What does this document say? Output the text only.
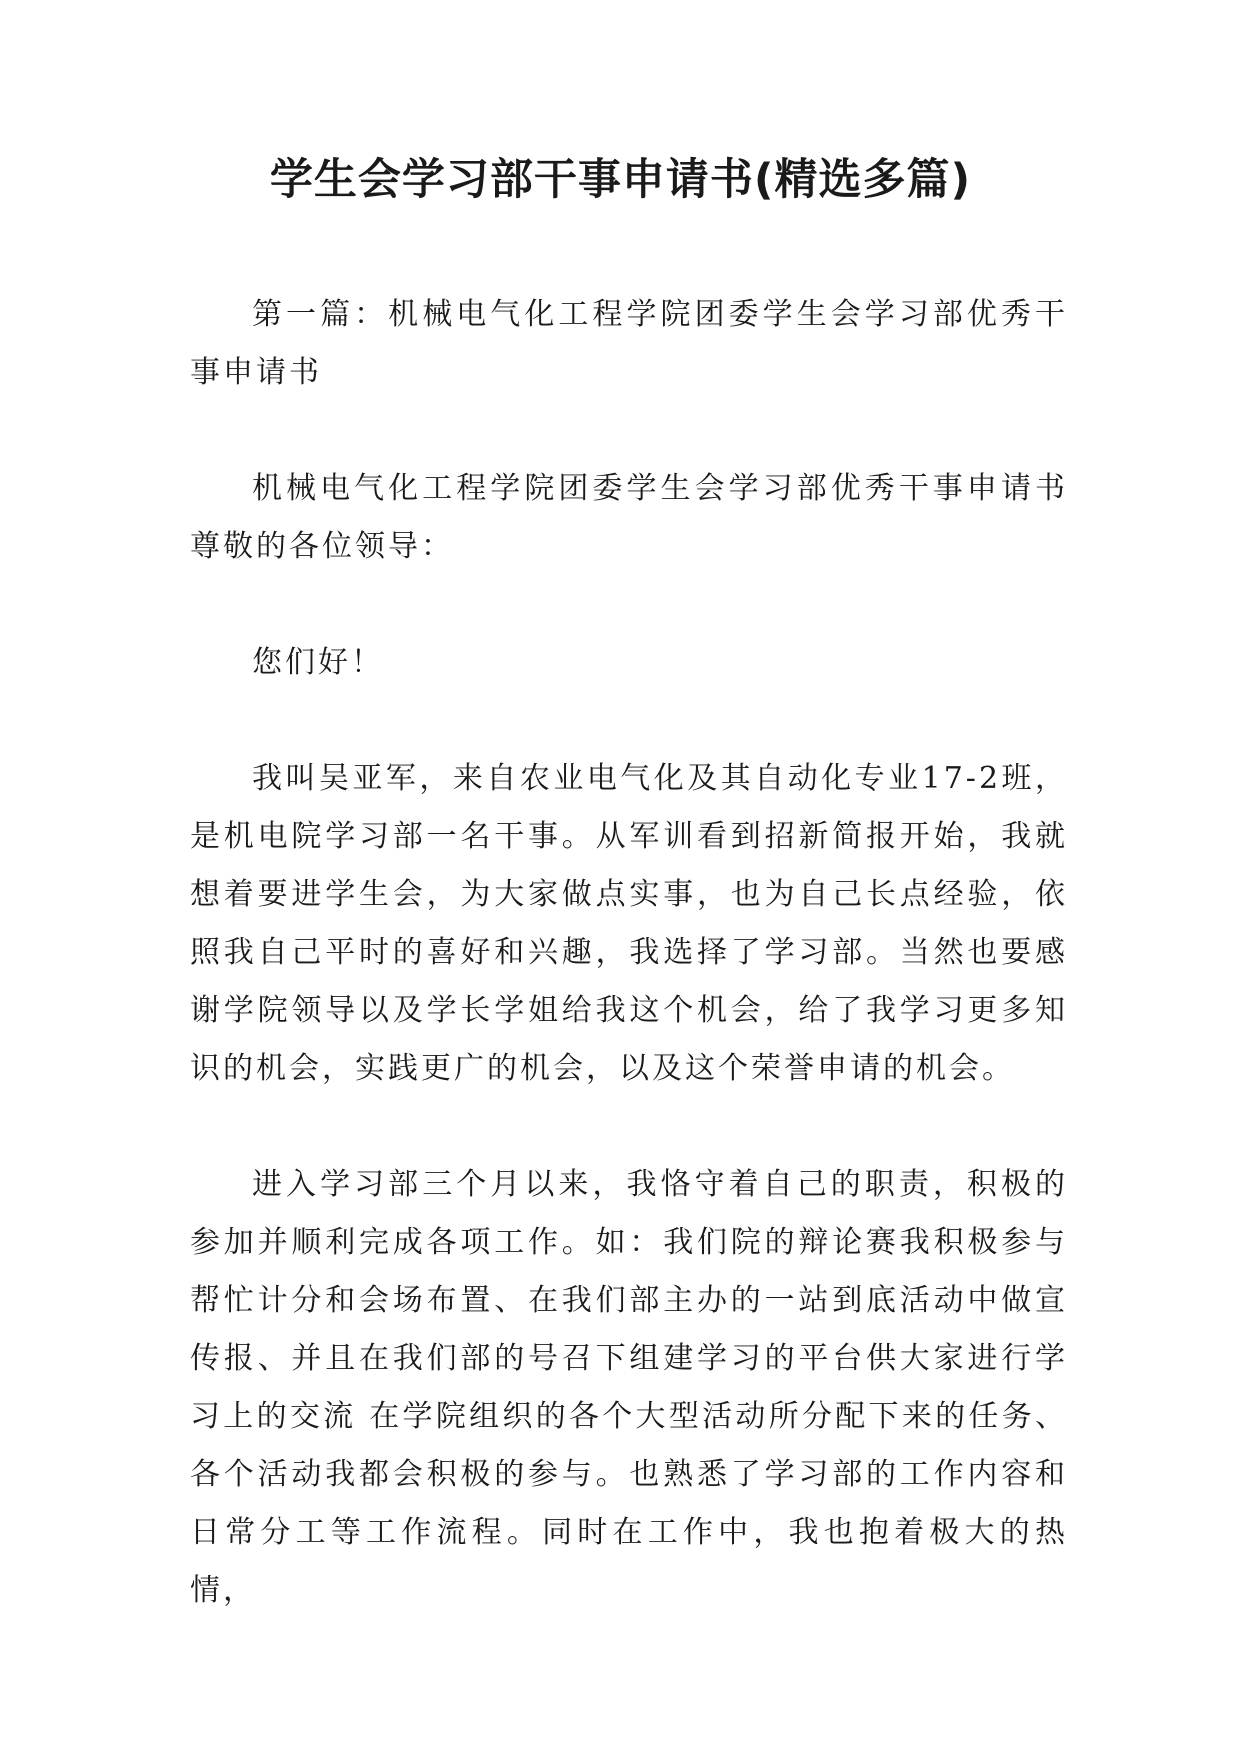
学生会学习部干事申请书(精选多篇)

第一篇：机械电气化工程学院团委学生会学习部优秀干事申请书

机械电气化工程学院团委学生会学习部优秀干事申请书尊敬的各位领导：

您们好！

我叫吴亚军，来自农业电气化及其自动化专业17-2班，是机电院学习部一名干事。从军训看到招新简报开始，我就想着要进学生会，为大家做点实事，也为自己长点经验，依照我自己平时的喜好和兴趣，我选择了学习部。当然也要感谢学院领导以及学长学姐给我这个机会，给了我学习更多知识的机会，实践更广的机会，以及这个荣誉申请的机会。

进入学习部三个月以来，我恪守着自己的职责，积极的参加并顺利完成各项工作。如：我们院的辩论赛我积极参与帮忙计分和会场布置、在我们部主办的一站到底活动中做宣传报、并且在我们部的号召下组建学习的平台供大家进行学习上的交流 在学院组织的各个大型活动所分配下来的任务、各个活动我都会积极的参与。也熟悉了学习部的工作内容和日常分工等工作流程。同时在工作中，我也抱着极大的热情，
